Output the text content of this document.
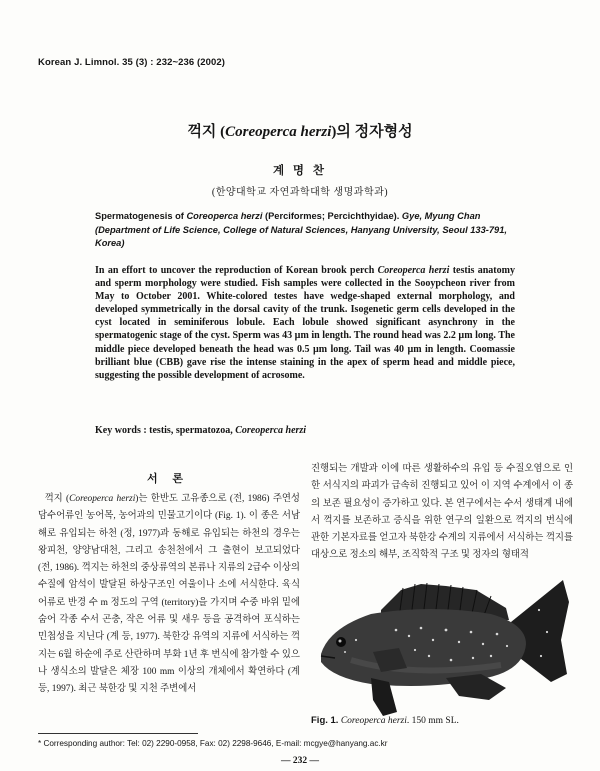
Korean J. Limnol. 35 (3) : 232~236 (2002)
꺽지 (Coreoperca herzi)의 정자형성
계 명 찬
(한양대학교 자연과학대학 생명과학과)
Spermatogenesis of Coreoperca herzi (Perciformes; Percichthyidae). Gye, Myung Chan
(Department of Life Science, College of Natural Sciences, Hanyang University, Seoul 133-791, Korea)
In an effort to uncover the reproduction of Korean brook perch Coreoperca herzi testis anatomy and sperm morphology were studied. Fish samples were collected in the Sooypcheon river from May to October 2001. White-colored testes have wedge-shaped external morphology, and developed symmetrically in the dorsal cavity of the trunk. Isogenetic germ cells developed in the cyst located in seminiferous lobule. Each lobule showed significant asynchrony in the spermatogenic stage of the cyst. Sperm was 43 µm in length. The round head was 2.2 µm long. The middle piece developed beneath the head was 0.5 µm long. Tail was 40 µm in length. Coomassie brilliant blue (CBB) gave rise the intense staining in the apex of sperm head and middle piece, suggesting the possible development of acrosome.
Key words : testis, spermatozoa, Coreoperca herzi
서 론

꺽지 (Coreoperca herzi)는 한반도 고유종으로 (전, 1986) 주연성 담수어류인 농어목, 농어과의 민물고기이다 (Fig. 1). 이 종은 서남해로 유입되는 하천 (정, 1977)과 동해로 유입되는 하천의 경우는 왕피천, 양양남대천, 그리고 송천천에서 그 출현이 보고되었다 (전, 1986). 꺽지는 하천의 중상류역의 본류나 지류의 2급수 이상의 수질에 암석이 발달된 하상구조인 여울이나 소에 서식한다. 육식어류로 반경 수 m 정도의 구역 (territory)을 가지며 수중 바위 밑에 숨어 각종 수서 곤충, 작은 어류 및 새우 등을 공격하여 포식하는 민첩성을 지닌다 (계 등, 1977). 북한강 유역의 지류에 서식하는 꺽지는 6월 하순에 주로 산란하며 부화 1년 후 번식에 참가할 수 있으나 생식소의 발달은 체장 100 mm 이상의 개체에서 확연하다 (계 등, 1997). 최근 북한강 및 지천 주변에서

진행되는 개발과 이에 따른 생활하수의 유입 등 수질오염으로 인한 서식지의 파괴가 급속히 진행되고 있어 이 지역 수계에서 이 종의 보존 필요성이 증가하고 있다. 본 연구에서는 수서 생태계 내에서 꺽지를 보존하고 증식을 위한 연구의 일환으로 꺽지의 번식에 관한 기본자료를 얻고자 북한강 수계의 지류에서 서식하는 꺽지를 대상으로 정소의 해부, 조직학적 구조 및 정자의 형태적

Fig. 1. Coreoperca herzi. 150 mm SL.
* Corresponding author: Tel: 02) 2290-0958, Fax: 02) 2298-9646, E-mail: mcgye@hanyang.ac.kr
— 232 —
